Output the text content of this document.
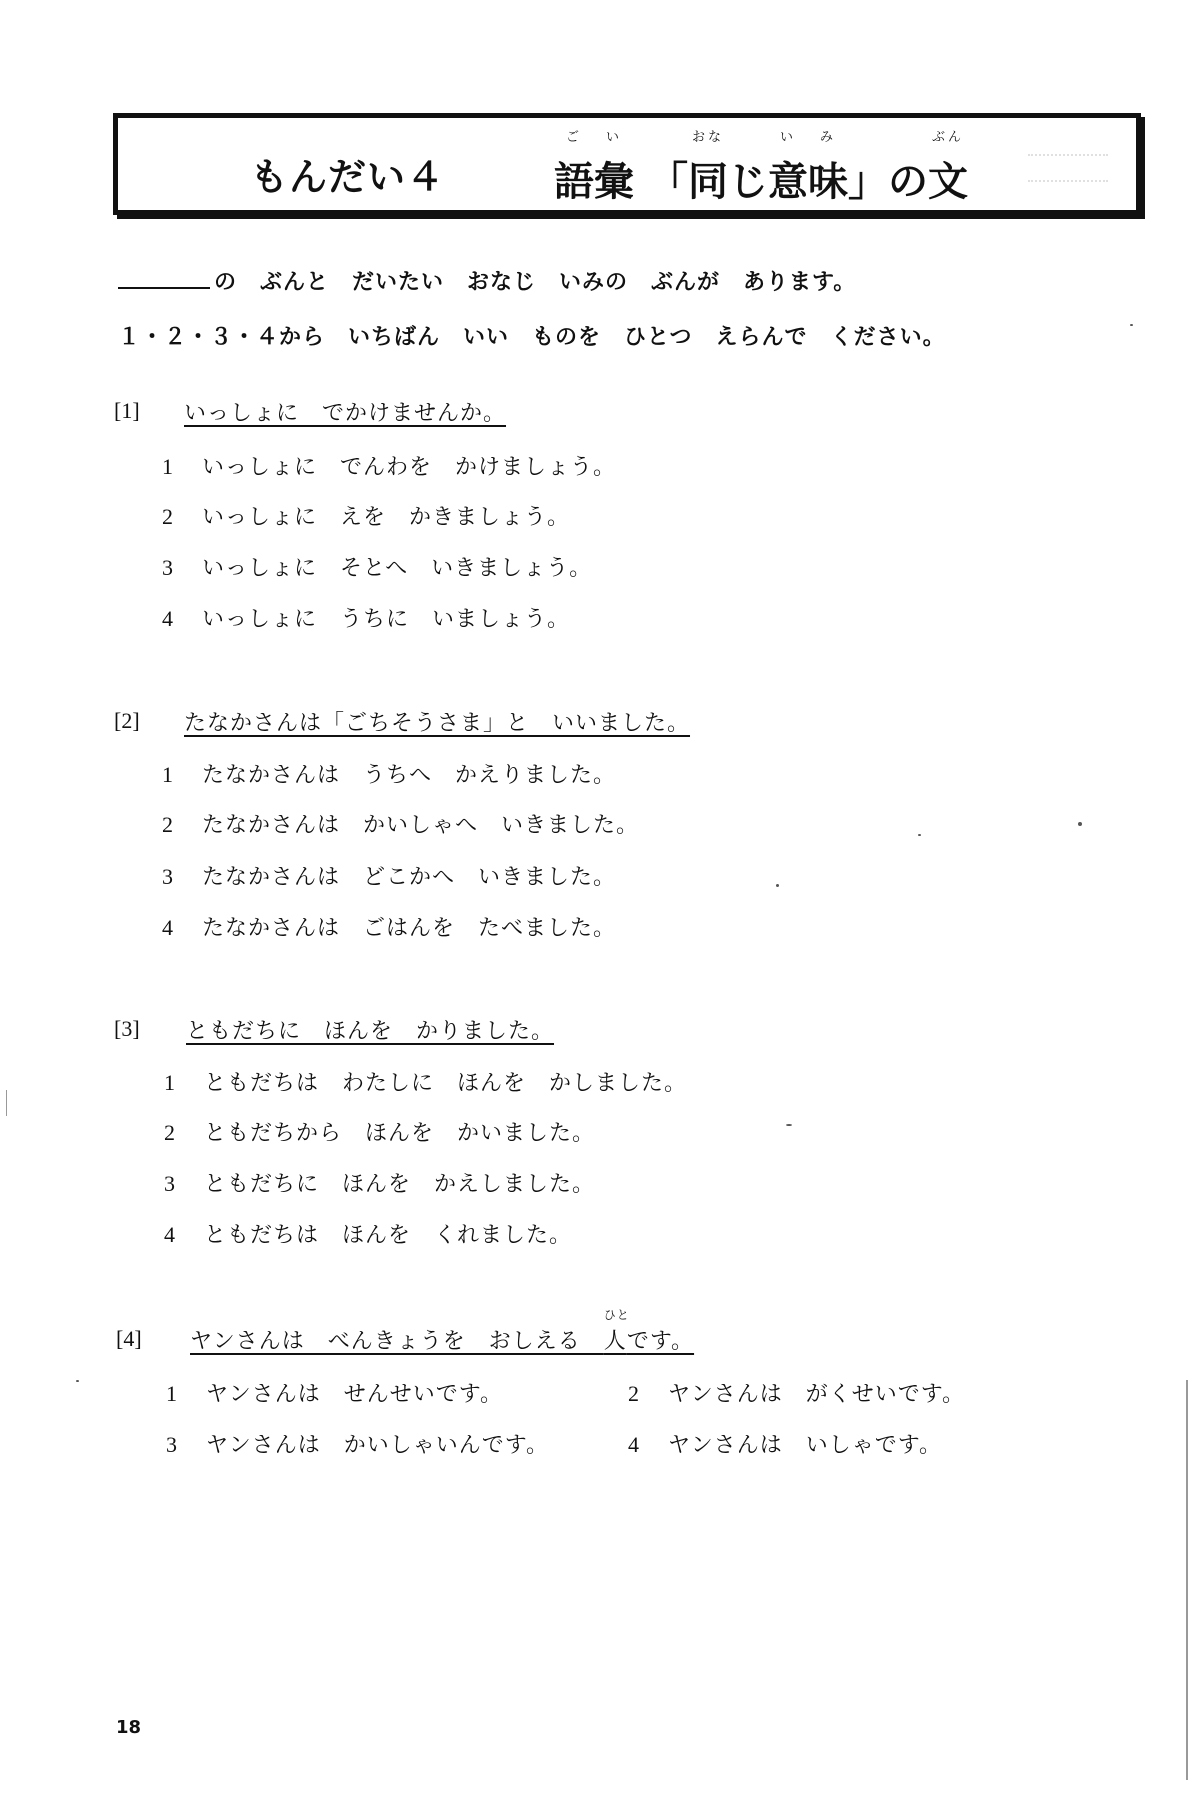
もんだい４
ご
語
い
彙 「
おな
同
じ
い
意
み
味
」の
ぶん
文
の　ぶんと　だいたい　おなじ　いみの　ぶんが　あります。
１・２・３・４から　いちばん　いい　ものを　ひとつ　えらんで　ください。
[1] いっしょに　でかけませんか。
1 いっしょに　でんわを　かけましょう。
2 いっしょに　えを　かきましょう。
3 いっしょに　そとへ　いきましょう。
4 いっしょに　うちに　いましょう。
[2] たなかさんは「ごちそうさま」と　いいました。
1 たなかさんは　うちへ　かえりました。
2 たなかさんは　かいしゃへ　いきました。
3 たなかさんは　どこかへ　いきました。
4 たなかさんは　ごはんを　たべました。
[3] ともだちに　ほんを　かりました。
1 ともだちは　わたしに　ほんを　かしました。
2 ともだちから　ほんを　かいました。
3 ともだちに　ほんを　かえしました。
4 ともだちは　ほんを　くれました。
[4] ヤンさんは　べんきょうを　おしえる　
ひと
人です。
1 ヤンさんは　せんせいです。	2 ヤンさんは　がくせいです。
3 ヤンさんは　かいしゃいんです。	4 ヤンさんは　いしゃです。
18
